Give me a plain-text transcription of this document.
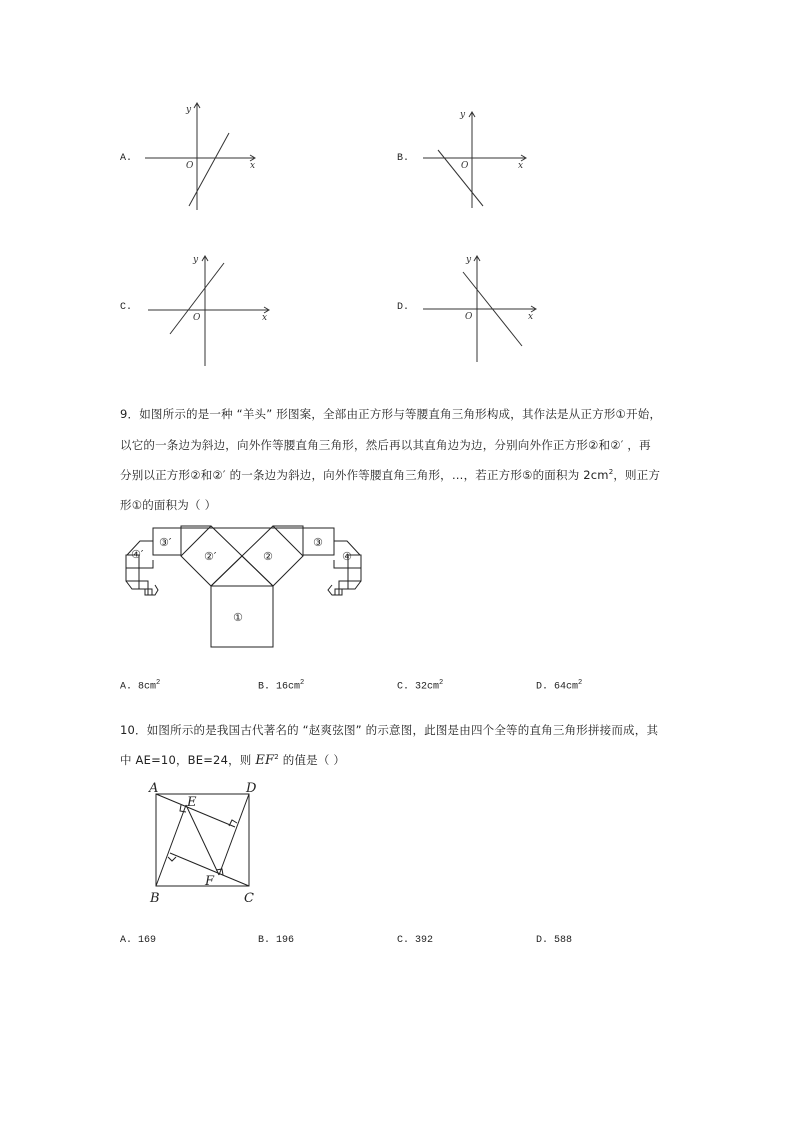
A.
y
x
O
B.
y
x
O
C.
y
x
O
D.
y
x
O
9．如图所示的是一种 “羊头” 形图案，全部由正方形与等腰直角三角形构成，其作法是从正方形①开始，
以它的一条边为斜边，向外作等腰直角三角形，然后再以其直角边为边，分别向外作正方形②和②′ ，再
分别以正方形②和②′ 的一条边为斜边，向外作等腰直角三角形，…，若正方形⑤的面积为 $2cm^2$，则正方
形①的面积为（ ）
①
②′	②
③′	③
④′	④
A. $8cm^2$	B. $16cm^2$	C. $32cm^2$	D. $64cm^2$
10．如图所示的是我国古代著名的 “赵爽弦图” 的示意图，此图是由四个全等的直角三角形拼接而成，其
中 AE=10，BE=24，则 $EF^2$ 的值是（ ）
A	D
E
F
B	C
A. 169	B. 196	C. 392	D. 588
